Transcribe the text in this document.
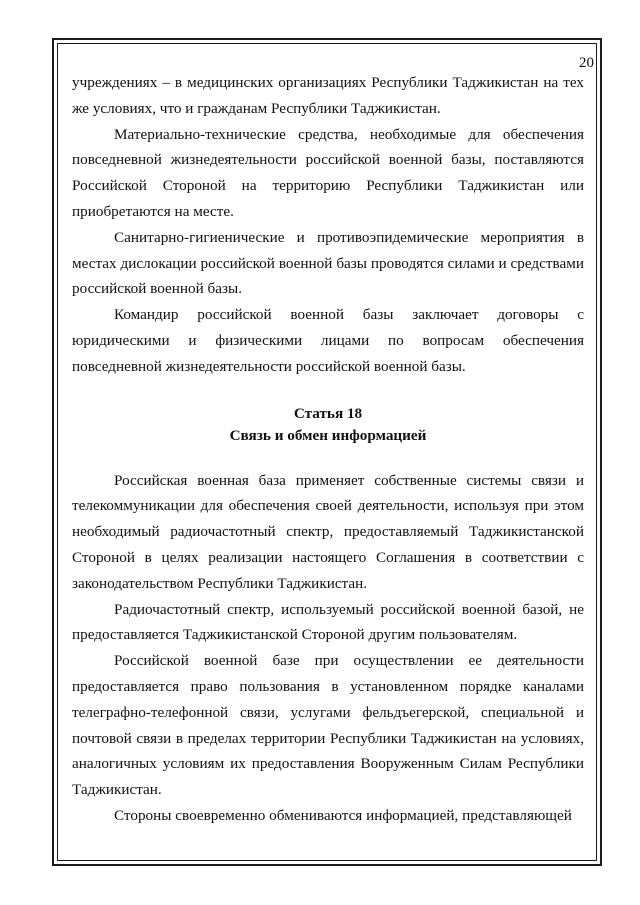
20

учреждениях – в медицинских организациях Республики Таджикистан на тех же условиях, что и гражданам Республики Таджикистан.

Материально-технические средства, необходимые для обеспечения повседневной жизнедеятельности российской военной базы, поставляются Российской Стороной на территорию Республики Таджикистан или приобретаются на месте.

Санитарно-гигиенические и противоэпидемические мероприятия в местах дислокации российской военной базы проводятся силами и средствами российской военной базы.

Командир российской военной базы заключает договоры с юридическими и физическими лицами по вопросам обеспечения повседневной жизнедеятельности российской военной базы.

Статья 18
Связь и обмен информацией

Российская военная база применяет собственные системы связи и телекоммуникации для обеспечения своей деятельности, используя при этом необходимый радиочастотный спектр, предоставляемый Таджикистанской Стороной в целях реализации настоящего Соглашения в соответствии с законодательством Республики Таджикистан.

Радиочастотный спектр, используемый российской военной базой, не предоставляется Таджикистанской Стороной другим пользователям.

Российской военной базе при осуществлении ее деятельности предоставляется право пользования в установленном порядке каналами телеграфно-телефонной связи, услугами фельдъегерской, специальной и почтовой связи в пределах территории Республики Таджикистан на условиях, аналогичных условиям их предоставления Вооруженным Силам Республики Таджикистан.

Стороны своевременно обмениваются информацией, представляющей
